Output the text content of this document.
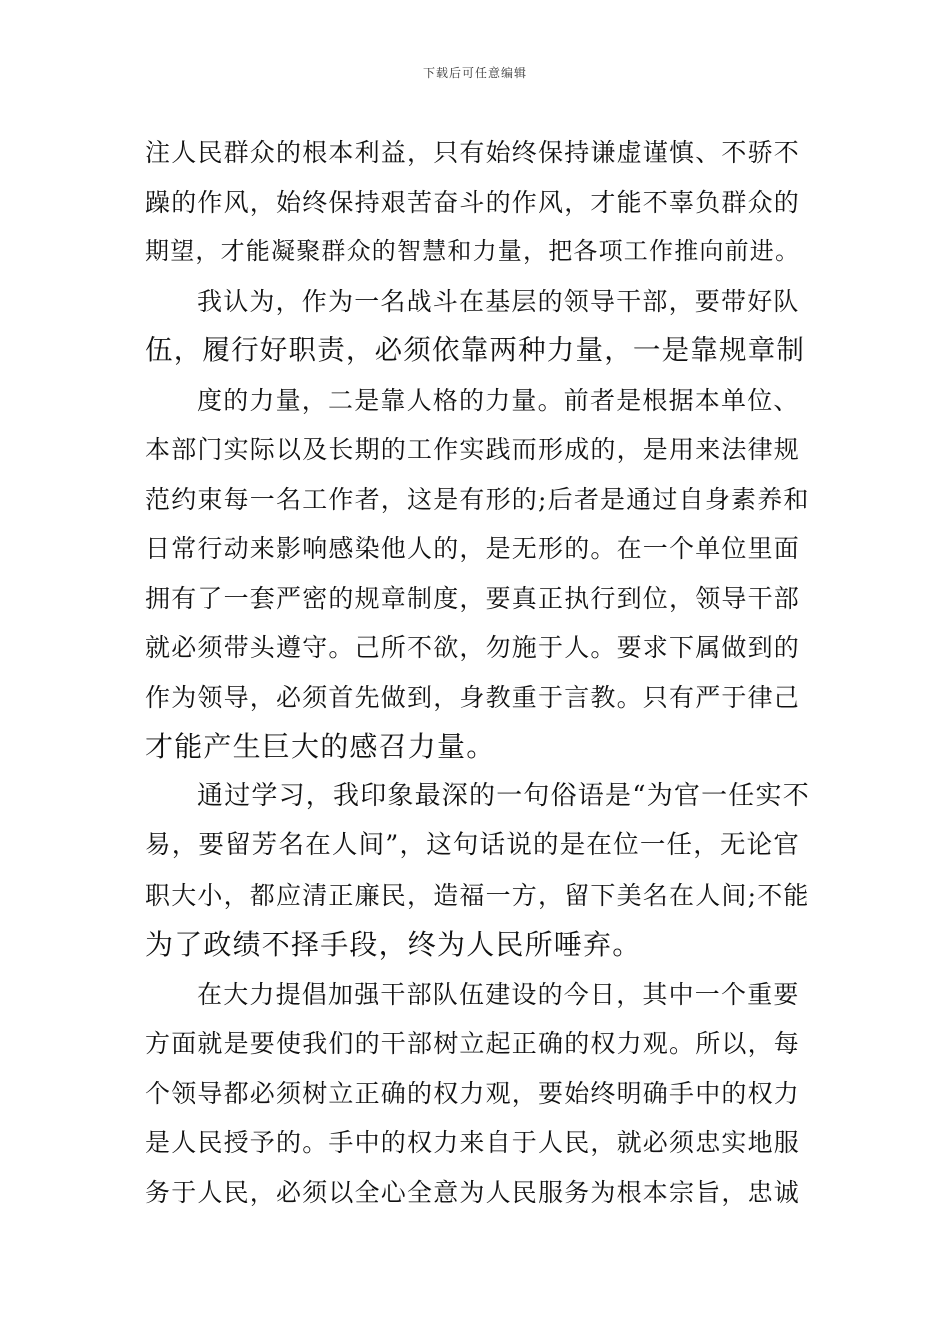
下载后可任意编辑
注人民群众的根本利益，只有始终保持谦虚谨慎、不骄不
躁的作风，始终保持艰苦奋斗的作风，才能不辜负群众的
期望，才能凝聚群众的智慧和力量，把各项工作推向前进。
我认为，作为一名战斗在基层的领导干部，要带好队
伍，履行好职责，必须依靠两种力量，一是靠规章制
度的力量，二是靠人格的力量。前者是根据本单位、
本部门实际以及长期的工作实践而形成的，是用来法律规
范约束每一名工作者，这是有形的;后者是通过自身素养和
日常行动来影响感染他人的，是无形的。在一个单位里面
拥有了一套严密的规章制度，要真正执行到位，领导干部
就必须带头遵守。己所不欲，勿施于人。要求下属做到的
作为领导，必须首先做到，身教重于言教。只有严于律己
才能产生巨大的感召力量。
通过学习，我印象最深的一句俗语是“为官一任实不
易，要留芳名在人间”，这句话说的是在位一任，无论官
职大小，都应清正廉民，造福一方，留下美名在人间;不能
为了政绩不择手段，终为人民所唾弃。
在大力提倡加强干部队伍建设的今日，其中一个重要
方面就是要使我们的干部树立起正确的权力观。所以，每
个领导都必须树立正确的权力观，要始终明确手中的权力
是人民授予的。手中的权力来自于人民，就必须忠实地服
务于人民，必须以全心全意为人民服务为根本宗旨，忠诚
